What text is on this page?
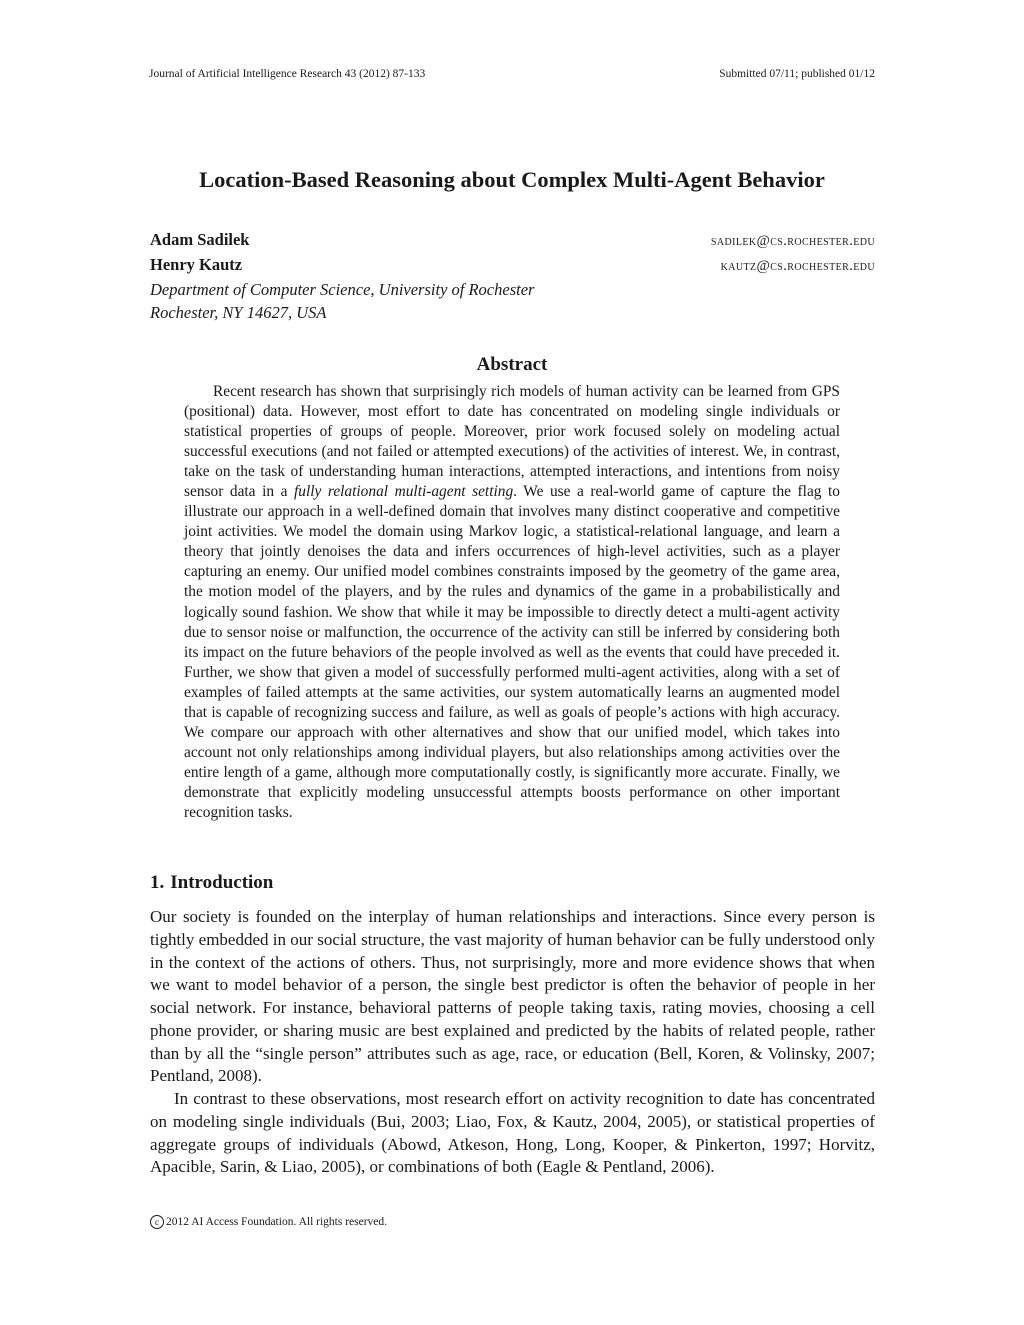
Journal of Artificial Intelligence Research 43 (2012) 87-133	Submitted 07/11; published 01/12
Location-Based Reasoning about Complex Multi-Agent Behavior
Adam Sadilek	sadilek@cs.rochester.edu
Henry Kautz	kautz@cs.rochester.edu
Department of Computer Science, University of Rochester
Rochester, NY 14627, USA
Abstract

Recent research has shown that surprisingly rich models of human activity can be learned from GPS (positional) data. However, most effort to date has concentrated on modeling single individuals or statistical properties of groups of people. Moreover, prior work focused solely on modeling actual successful executions (and not failed or attempted executions) of the activities of interest. We, in contrast, take on the task of understanding human interactions, attempted interactions, and intentions from noisy sensor data in a fully relational multi-agent setting. We use a real-world game of capture the flag to illustrate our approach in a well-defined domain that involves many distinct cooperative and competitive joint activities. We model the domain using Markov logic, a statistical-relational language, and learn a theory that jointly denoises the data and infers occurrences of high-level activities, such as a player capturing an enemy. Our unified model combines constraints imposed by the geometry of the game area, the motion model of the players, and by the rules and dynamics of the game in a probabilistically and logically sound fashion. We show that while it may be impossible to directly detect a multi-agent activity due to sensor noise or malfunction, the occurrence of the activity can still be inferred by considering both its impact on the future behaviors of the people involved as well as the events that could have preceded it. Further, we show that given a model of successfully performed multi-agent activities, along with a set of examples of failed attempts at the same activities, our system automatically learns an augmented model that is capable of recognizing success and failure, as well as goals of people’s actions with high accuracy. We compare our approach with other alternatives and show that our unified model, which takes into account not only relationships among individual players, but also relationships among activities over the entire length of a game, although more computationally costly, is significantly more accurate. Finally, we demonstrate that explicitly modeling unsuccessful attempts boosts performance on other important recognition tasks.

1. Introduction

Our society is founded on the interplay of human relationships and interactions. Since every person is tightly embedded in our social structure, the vast majority of human behavior can be fully understood only in the context of the actions of others. Thus, not surprisingly, more and more evidence shows that when we want to model behavior of a person, the single best predictor is often the behavior of people in her social network. For instance, behavioral patterns of people taking taxis, rating movies, choosing a cell phone provider, or sharing music are best explained and predicted by the habits of related people, rather than by all the “single person” attributes such as age, race, or education (Bell, Koren, & Volinsky, 2007; Pentland, 2008).

In contrast to these observations, most research effort on activity recognition to date has concentrated on modeling single individuals (Bui, 2003; Liao, Fox, & Kautz, 2004, 2005), or statistical properties of aggregate groups of individuals (Abowd, Atkeson, Hong, Long, Kooper, & Pinkerton, 1997; Horvitz, Apacible, Sarin, & Liao, 2005), or combinations of both (Eagle & Pentland, 2006).

c 2012 AI Access Foundation. All rights reserved.
